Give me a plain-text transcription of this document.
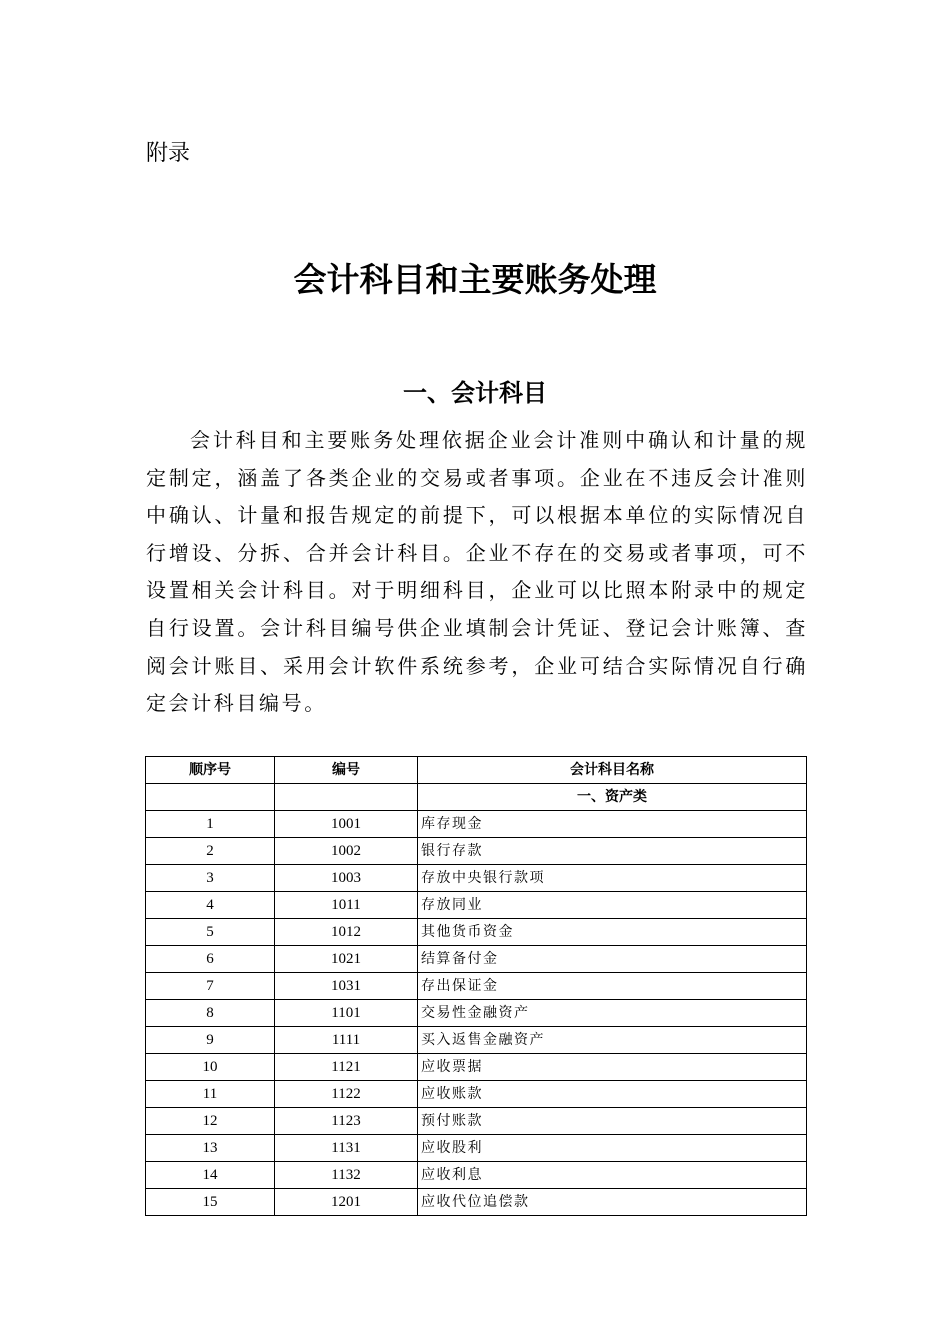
附录
会计科目和主要账务处理
一、会计科目

会计科目和主要账务处理依据企业会计准则中确认和计量的规定制定，涵盖了各类企业的交易或者事项。企业在不违反会计准则中确认、计量和报告规定的前提下，可以根据本单位的实际情况自行增设、分拆、合并会计科目。企业不存在的交易或者事项，可不设置相关会计科目。对于明细科目，企业可以比照本附录中的规定自行设置。会计科目编号供企业填制会计凭证、登记会计账簿、查阅会计账目、采用会计软件系统参考，企业可结合实际情况自行确定会计科目编号。

顺序号	编号	会计科目名称
		一、资产类
1	1001	库存现金
2	1002	银行存款
3	1003	存放中央银行款项
4	1011	存放同业
5	1012	其他货币资金
6	1021	结算备付金
7	1031	存出保证金
8	1101	交易性金融资产
9	1111	买入返售金融资产
10	1121	应收票据
11	1122	应收账款
12	1123	预付账款
13	1131	应收股利
14	1132	应收利息
15	1201	应收代位追偿款
